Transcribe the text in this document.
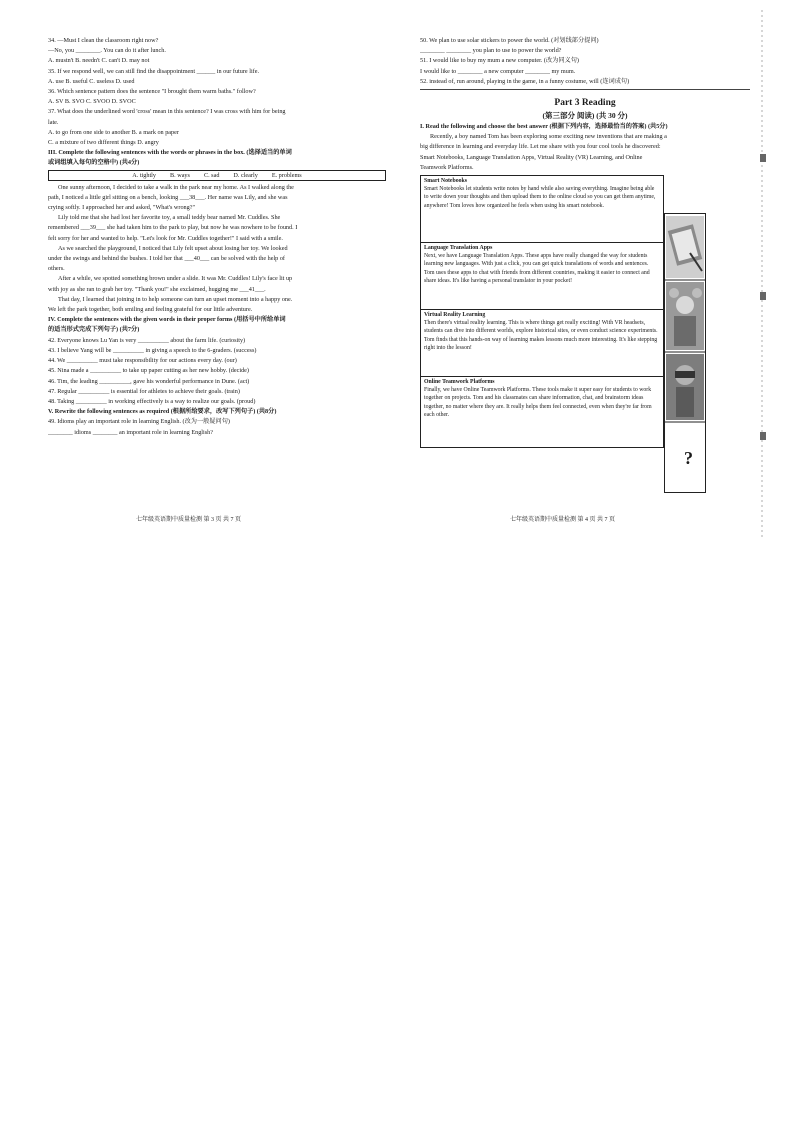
34. —Must I clean the classroom right now?
—No, you ________. You can do it after lunch.
A. mustn't B. needn't C. can't D. may not
35. If we respond well, we can still find the disappointment ______ in our future life.
A. use B. useful C. useless D. used
36. Which sentence pattern does the sentence "I brought them warm baths." follow?
A. SV B. SVO C. SVOO D. SVOC
37. What does the underlined word 'cross' mean in this sentence? I was cross with him for being
late.
A. to go from one side to another B. a mark on paper
C. a mixture of two different things D. angry
III. Complete the following sentences with the words or phrases in the box. (选择适当的单词
或词组填入每句的空格中) (共4分)
A. tightly B. ways C. sad D. clearly E. problems
One sunny afternoon, I decided to take a walk in the park near my home. As I walked along the
path, I noticed a little girl sitting on a bench, looking ___38___. Her name was Lily, and she was
crying softly. I approached her and asked, "What's wrong?"
Lily told me that she had lost her favorite toy, a small teddy bear named Mr. Cuddles. She
remembered ___39___ she had taken him to the park to play, but now he was nowhere to be found. I
felt sorry for her and wanted to help. "Let's look for Mr. Cuddles together!" I said with a smile.
As we searched the playground, I noticed that Lily felt upset about losing her toy. We looked
under the swings and behind the bushes. I told her that ___40___ can be solved with the help of
others.
After a while, we spotted something brown under a slide. It was Mr. Cuddles! Lily's face lit up
with joy as she ran to grab her toy. "Thank you!" she exclaimed, hugging me ___41___.
That day, I learned that joining in to help someone can turn an upset moment into a happy one.
We left the park together, both smiling and feeling grateful for our little adventure.
IV. Complete the sentences with the given words in their proper forms (用括号中所给单词
的适当形式完成下列句子) (共7分)
42. Everyone knows Lu Yan is very __________ about the farm life. (curiosity)
43. I believe Yang will be __________ in giving a speech to the 6-graders. (success)
44. We __________ must take responsibility for our actions every day. (our)
45. Nina made a __________ to take up paper cutting as her new hobby. (decide)
46. Tim, the leading __________, gave his wonderful performance in Dune. (act)
47. Regular __________ is essential for athletes to achieve their goals. (train)
48. Taking __________ in working effectively is a way to realize our goals. (proud)
V. Rewrite the following sentences as required (根据所给要求，改写下列句子) (共8分)
49. Idioms play an important role in learning English. (改为一般疑问句)
________ idioms ________ an important role in learning English?
七年级英语期中质量检测 第 3 页 共 7 页
50. We plan to use solar stickers to power the world. (对划线部分提问)
________ ________ you plan to use to power the world?
51. I would like to buy my mum a new computer. (改为同义句)
I would like to ________ a new computer ________ my mum.
52. instead of, run around, playing in the game, in a funny costume, will (连词成句)
Part 3 Reading
(第三部分 阅读) (共 30 分)
I. Read the following and choose the best answer (根据下列内容，选择最恰当的答案) (共5分)
Recently, a boy named Tom has been exploring some exciting new inventions that are making a
big difference in learning and everyday life. Let me share with you four cool tools he discovered:
Smart Notebooks, Language Translation Apps, Virtual Reality (VR) Learning, and Online
Teamwork Platforms.
Smart Notebooks
Smart Notebooks let students write notes by hand while also saving everything. Imagine being able to write down your thoughts and then upload them to the online cloud so you can get them anytime, anywhere! Tom loves how organized he feels when using his smart notebook.
Language Translation Apps
Next, we have Language Translation Apps. These apps have really changed the way for students learning new languages. With just a click, you can get quick translations of words and sentences. Tom uses these apps to chat with friends from different countries, making it easier to connect and share ideas. It's like having a personal translator in your pocket!
Virtual Reality Learning
Then there's virtual reality learning. This is where things get really exciting! With VR headsets, students can dive into different worlds, explore historical sites, or even conduct science experiments. Tom finds that this hands-on way of learning makes lessons much more interesting. It's like stepping right into the lesson!
Online Teamwork Platforms
Finally, we have Online Teamwork Platforms. These tools make it super easy for students to work together on projects. Tom and his classmates can share information, chat, and brainstorm ideas together, no matter where they are. It really helps them feel connected, even when they're far from each other.
?
七年级英语期中质量检测 第 4 页 共 7 页
